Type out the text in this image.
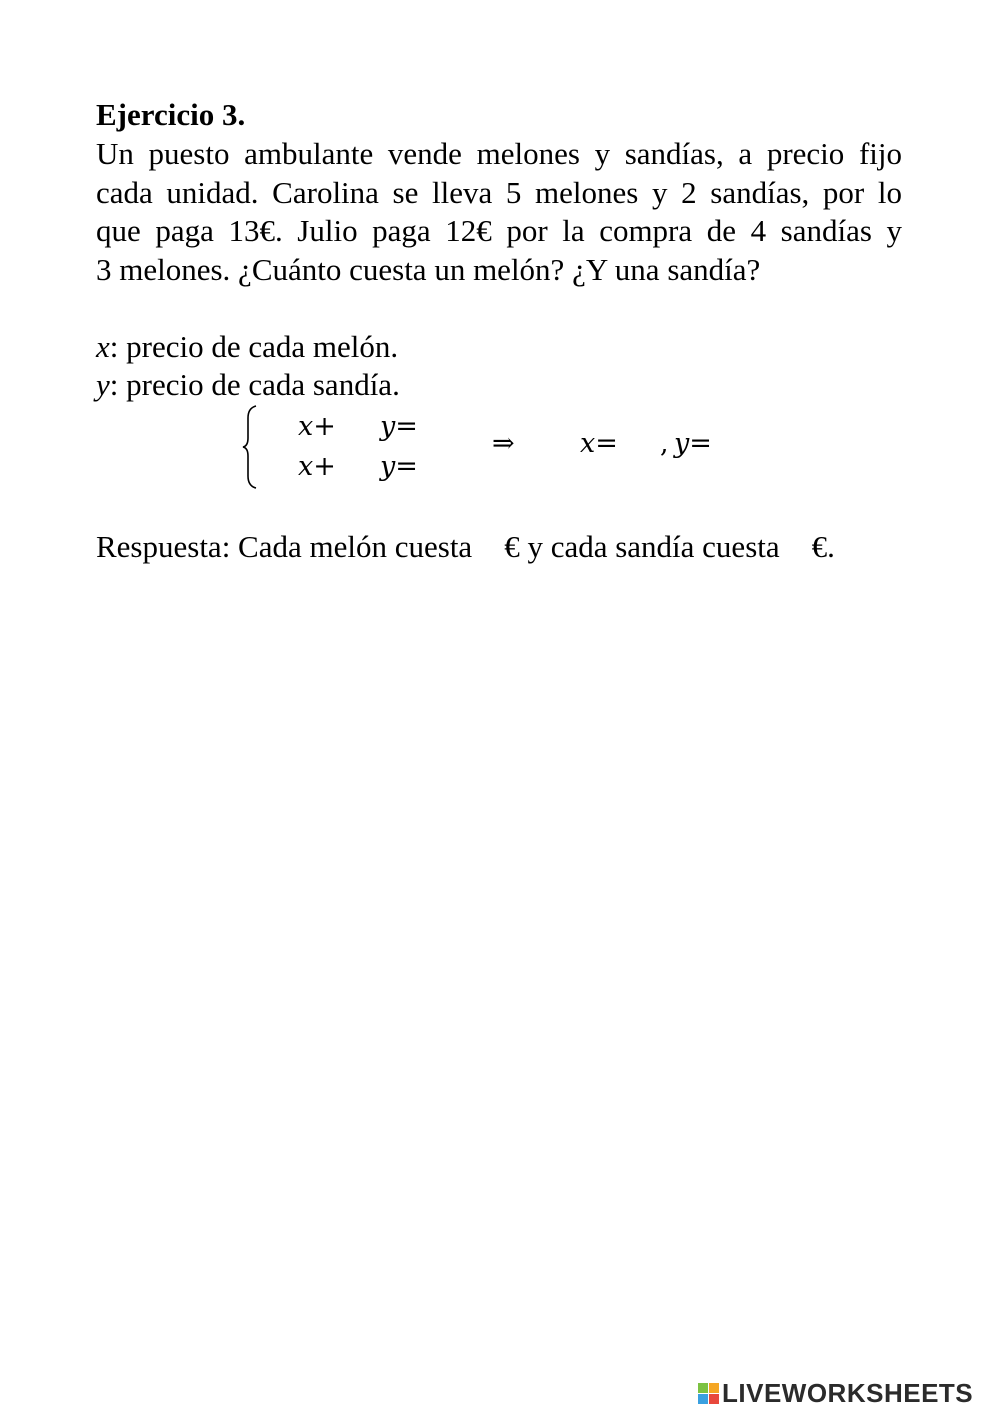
Ejercicio 3.
Un puesto ambulante vende melones y sandías, a precio fijo
cada unidad. Carolina se lleva 5 melones y 2 sandías, por lo
que paga 13€. Julio paga 12€ por la compra de 4 sandías y
3 melones. ¿Cuánto cuesta un melón? ¿Y una sandía?
x: precio de cada melón.
y: precio de cada sandía.
x+ y=
x+ y=
⇒ x= , y=
Respuesta: Cada melón cuesta € y cada sandía cuesta €.
LIVEWORKSHEETS
